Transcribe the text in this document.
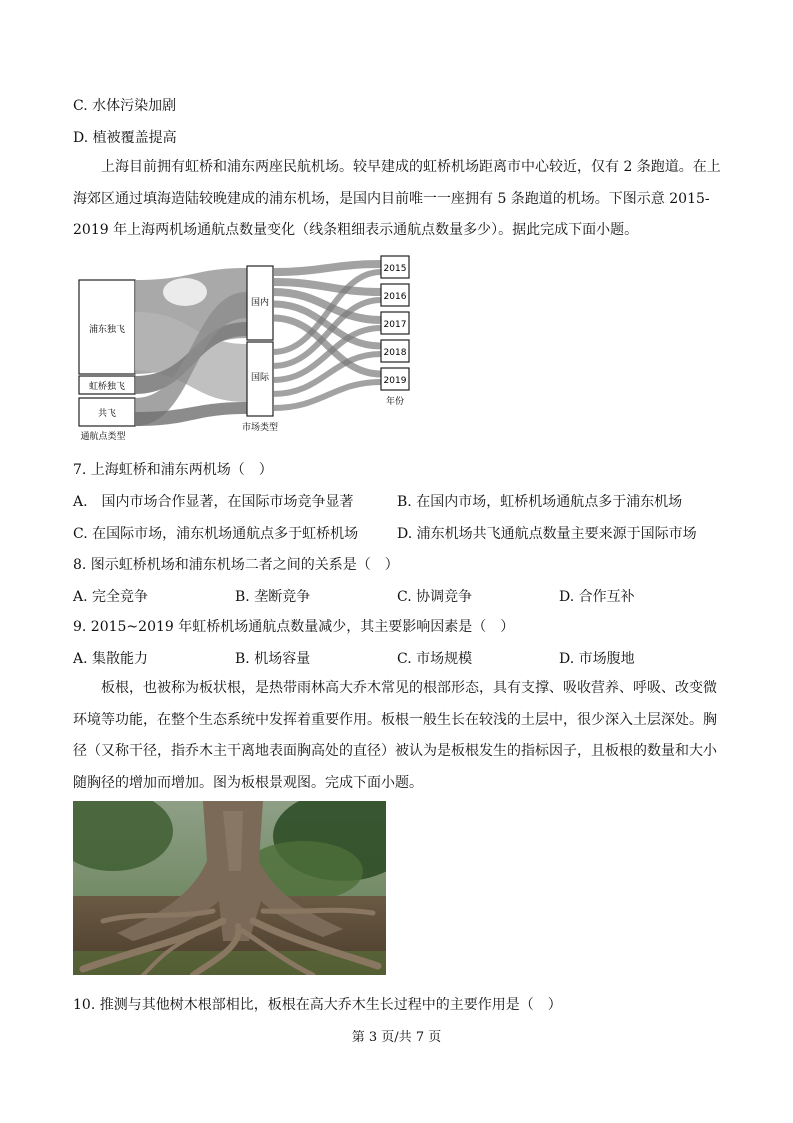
C. 水体污染加剧
D. 植被覆盖提高
上海目前拥有虹桥和浦东两座民航机场。较早建成的虹桥机场距离市中心较近，仅有 2 条跑道。在上海郊区通过填海造陆较晚建成的浦东机场，是国内目前唯一一座拥有 5 条跑道的机场。下图示意 2015-2019 年上海两机场通航点数量变化（线条粗细表示通航点数量多少）。据此完成下面小题。
浦东独飞
虹桥独飞
共飞
通航点类型
国内
国际
市场类型
2015
2016
2017
2018
2019
年份
7. 上海虹桥和浦东两机场（　）
A.　国内市场合作显著，在国际市场竞争显著	B. 在国内市场，虹桥机场通航点多于浦东机场
C. 在国际市场，浦东机场通航点多于虹桥机场	D. 浦东机场共飞通航点数量主要来源于国际市场
8. 图示虹桥机场和浦东机场二者之间的关系是（　）
A. 完全竞争	B. 垄断竞争	C. 协调竞争	D. 合作互补
9. 2015~2019 年虹桥机场通航点数量减少，其主要影响因素是（　）
A. 集散能力	B. 机场容量	C. 市场规模	D. 市场腹地
板根，也被称为板状根，是热带雨林高大乔木常见的根部形态，具有支撑、吸收营养、呼吸、改变微环境等功能，在整个生态系统中发挥着重要作用。板根一般生长在较浅的土层中，很少深入土层深处。胸径（又称干径，指乔木主干离地表面胸高处的直径）被认为是板根发生的指标因子，且板根的数量和大小随胸径的增加而增加。图为板根景观图。完成下面小题。
10. 推测与其他树木根部相比，板根在高大乔木生长过程中的主要作用是（　）
第 3 页/共 7 页
